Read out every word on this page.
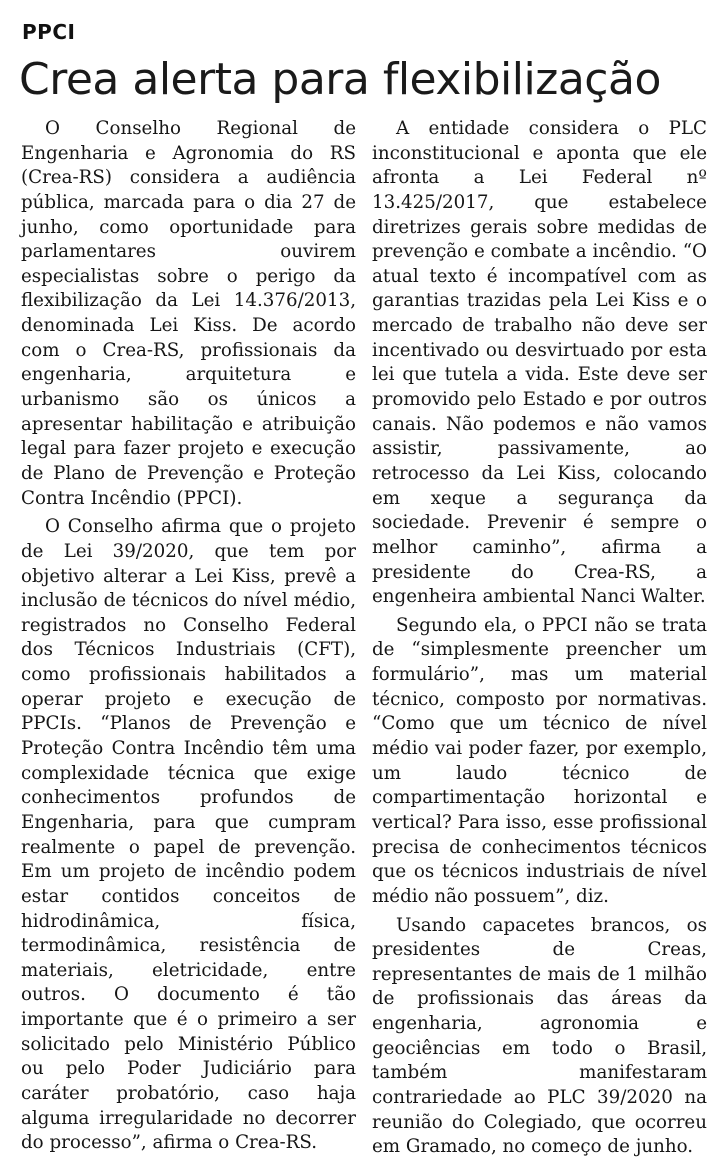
PPCI
Crea alerta para flexibilização

O Conselho Regional de Engenharia e Agronomia do RS (Crea-RS) considera a audiência pública, marcada para o dia 27 de junho, como oportunidade para parlamentares ouvirem especialistas sobre o perigo da flexibilização da Lei 14.376/2013, denominada Lei Kiss. De acordo com o Crea-RS, profissionais da engenharia, arquitetura e urbanismo são os únicos a apresentar habilitação e atribuição legal para fazer projeto e execução de Plano de Prevenção e Proteção Contra Incêndio (PPCI).

O Conselho afirma que o projeto de Lei 39/2020, que tem por objetivo alterar a Lei Kiss, prevê a inclusão de técnicos do nível médio, registrados no Conselho Federal dos Técnicos Industriais (CFT), como profissionais habilitados a operar projeto e execução de PPCIs. “Planos de Prevenção e Proteção Contra Incêndio têm uma complexidade técnica que exige conhecimentos profundos de Engenharia, para que cumpram realmente o papel de prevenção. Em um projeto de incêndio podem estar contidos conceitos de hidrodinâmica, física, termodinâmica, resistência de materiais, eletricidade, entre outros. O documento é tão importante que é o primeiro a ser solicitado pelo Ministério Público ou pelo Poder Judiciário para caráter probatório, caso haja alguma irregularidade no decorrer do processo”, afirma o Crea-RS.

A entidade considera o PLC inconstitucional e aponta que ele afronta a Lei Federal nº 13.425/2017, que estabelece diretrizes gerais sobre medidas de prevenção e combate a incêndio. “O atual texto é incompatível com as garantias trazidas pela Lei Kiss e o mercado de trabalho não deve ser incentivado ou desvirtuado por esta lei que tutela a vida. Este deve ser promovido pelo Estado e por outros canais. Não podemos e não vamos assistir, passivamente, ao retrocesso da Lei Kiss, colocando em xeque a segurança da sociedade. Prevenir é sempre o melhor caminho”, afirma a presidente do Crea-RS, a engenheira ambiental Nanci Walter.

Segundo ela, o PPCI não se trata de “simplesmente preencher um formulário”, mas um material técnico, composto por normativas. “Como que um técnico de nível médio vai poder fazer, por exemplo, um laudo técnico de compartimentação horizontal e vertical? Para isso, esse profissional precisa de conhecimentos técnicos que os técnicos industriais de nível médio não possuem”, diz.

Usando capacetes brancos, os presidentes de Creas, representantes de mais de 1 milhão de profissionais das áreas da engenharia, agronomia e geociências em todo o Brasil, também manifestaram contrariedade ao PLC 39/2020 na reunião do Colegiado, que ocorreu em Gramado, no começo de junho.
